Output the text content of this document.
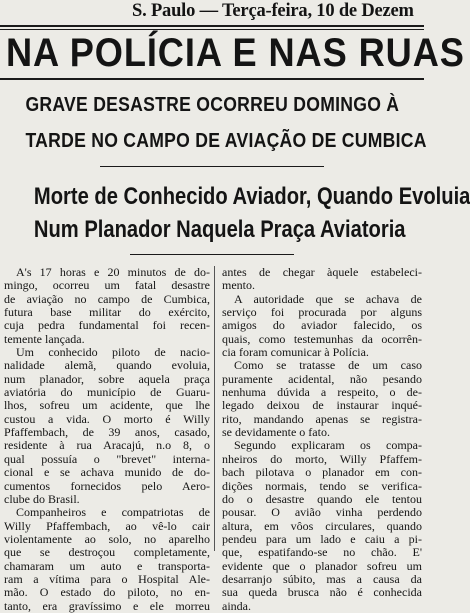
S. Paulo — Terça-feira, 10 de Dezem
NA POLÍCIA E NAS RUAS
GRAVE DESASTRE OCORREU DOMINGO À
TARDE NO CAMPO DE AVIAÇÃO DE CUMBICA
Morte de Conhecido Aviador, Quando Evoluia
Num Planador Naquela Praça Aviatoria
A's 17 horas e 20 minutos de do-
mingo, ocorreu um fatal desastre
de aviação no campo de Cumbica,
futura base militar do exército,
cuja pedra fundamental foi recen-
temente lançada.
Um conhecido piloto de nacio-
nalidade alemã, quando evoluia,
num planador, sobre aquela praça
aviatória do município de Guaru-
lhos, sofreu um acidente, que lhe
custou a vida. O morto é Willy
Pfaffembach, de 39 anos, casado,
residente à rua Aracajú, n.o 8, o
qual possuía o "brevet" interna-
cional e se achava munido de do-
cumentos fornecidos pelo Aero-
clube do Brasil.
Companheiros e compatriotas de
Willy Pfaffembach, ao vê-lo cair
violentamente ao solo, no aparelho
que se destroçou completamente,
chamaram um auto e transporta-
ram a vítima para o Hospital Ale-
mão. O estado do piloto, no en-
tanto, era gravíssimo e ele morreu
antes de chegar àquele estabeleci-
mento.
A autoridade que se achava de
serviço foi procurada por alguns
amigos do aviador falecido, os
quais, como testemunhas da ocorrên-
cia foram comunicar à Polícia.
Como se tratasse de um caso
puramente acidental, não pesando
nenhuma dúvida a respeito, o de-
legado deixou de instaurar inqué-
rito, mandando apenas se registra-
se devidamente o fato.
Segundo explicaram os compa-
nheiros do morto, Willy Pfaffem-
bach pilotava o planador em con-
dições normais, tendo se verifica-
do o desastre quando ele tentou
pousar. O avião vinha perdendo
altura, em vôos circulares, quando
pendeu para um lado e caiu a pi-
que, espatifando-se no chão. E'
evidente que o planador sofreu um
desarranjo súbito, mas a causa da
sua queda brusca não é conhecida
ainda.
